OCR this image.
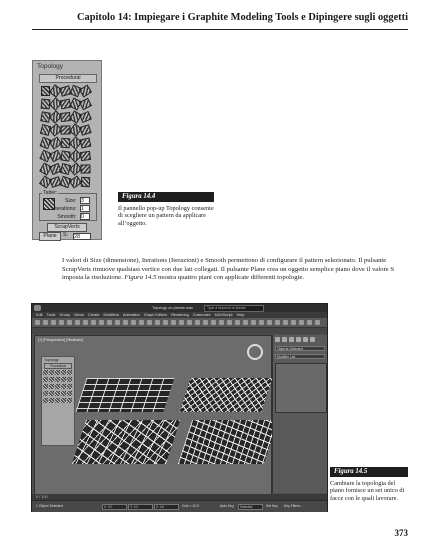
Capitolo 14: Impiegare i Graphite Modeling Tools e Dipingere sugli oggetti
Topology
Procedural
Tatter:
Size: 3
Iterations: 1
Smooth: 0
ScrapVerts
Plane	S: 28
Figura 14.4
Il pannello pop-up Topology consente di scegliere un pattern da applicare all’oggetto.
I valori di Size (dimensione), Iterations (Iterazioni) e Smooth permettono di configurare il pattern selezionato. Il pulsante ScrapVerts rimuove qualsiasi vertice con due lati collegati. Il pulsante Plane crea un oggetto semplice piano dove il valore S imposta la risoluzione. Figura 14.5 mostra quattro piani con applicate differenti topologie.
Topology on planes.max	Type a keyword or phrase
Edit Tools Group Views Create Modifiers Animation Graph Editors Rendering Customize MAXScript Help
[+] [Perspective] [Realistic]
Topology
Procedural
Objects Selected
Modifier List
0 / 100
1 Object Selected	X: 0.0	Y: 0.0	Z: 0.0	Grid = 10.0	Auto Key	Selected	Set Key Key Filters...
Figura 14.5
Cambiare la topologia del piano fornisce un set unico di facce con le quali lavorare.
373
